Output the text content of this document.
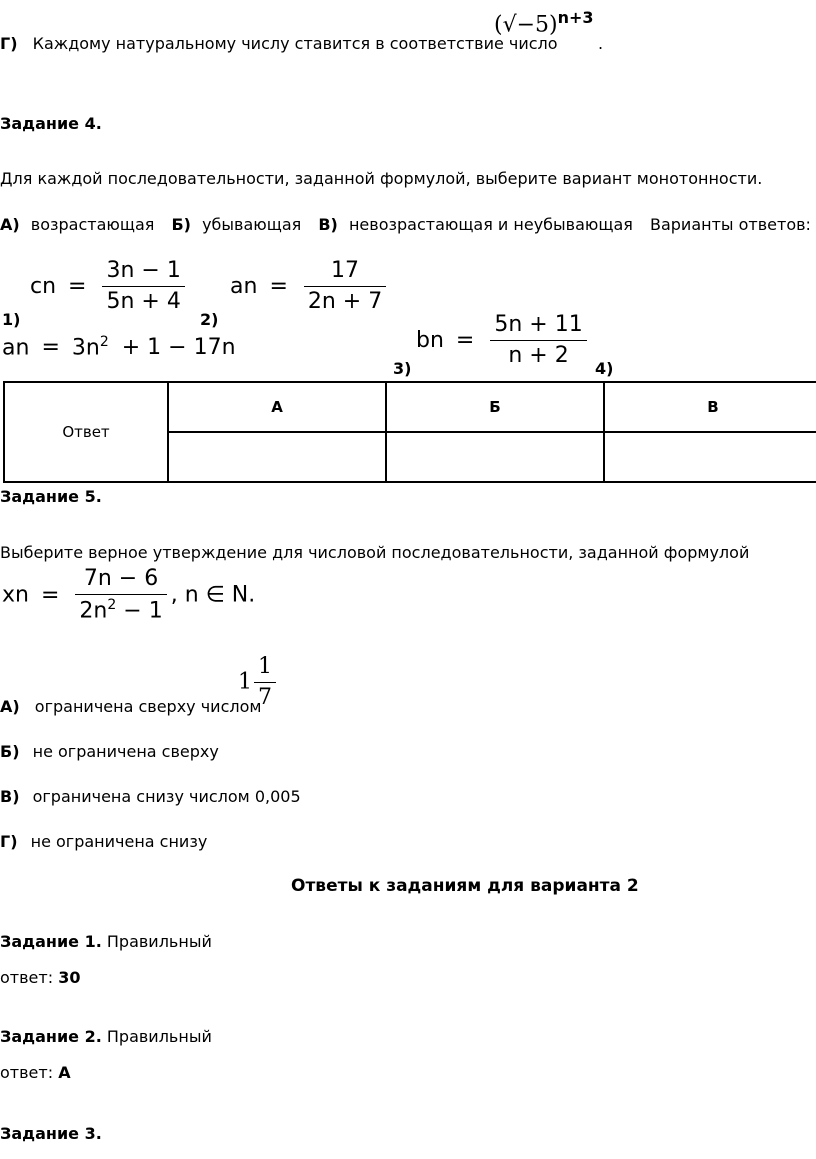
Г) Каждому натуральному числу ставится в соответствие число
$(√-5)^{n+3}$
.
Задание 4.
Для каждой последовательности, заданной формулой, выберите вариант монотонности.
А) возрастающая Б) убывающая В) невозрастающая и неубывающая Варианты ответов:
cn = $\frac{3n - 1}{5n + 4}$
1)
an = $\frac{17}{2n + 7}$
2)
an = $3n^2 + 1 - 17n$	bn = $\frac{5n + 11}{n + 2}$
3)	4)
Ответ	А	Б	В

Задание 5.
Выберите верное утверждение для числовой последовательности, заданной формулой
xn = $\frac{7n - 6}{2n^2 - 1}$ , n ∈ N.
$1 \frac{1}{7}$
А) ограничена сверху числом
Б) не ограничена сверху
В) ограничена снизу числом 0,005
Г) не ограничена снизу
Ответы к заданиям для варианта 2
Задание 1. Правильный
ответ: 30
Задание 2. Правильный
ответ: А
Задание 3.
